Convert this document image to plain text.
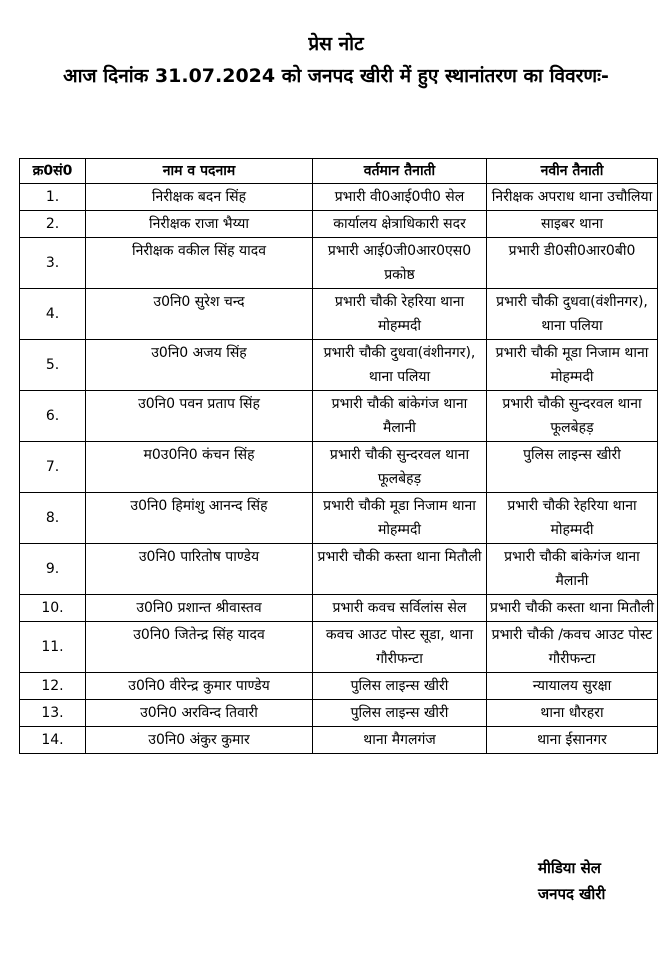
प्रेस नोट
आज दिनांक 31.07.2024 को जनपद खीरी में हुए स्थानांतरण का विवरणः-
क्र0सं0	नाम व पदनाम	वर्तमान तैनाती	नवीन तैनाती
1.	निरीक्षक बदन सिंह	प्रभारी वी0आई0पी0 सेल	निरीक्षक अपराध थाना उचौलिया
2.	निरीक्षक राजा भैय्या	कार्यालय क्षेत्राधिकारी सदर	साइबर थाना
3.	निरीक्षक वकील सिंह यादव	प्रभारी आई0जी0आर0एस0 प्रकोष्ठ	प्रभारी डी0सी0आर0बी0
4.	उ0नि0 सुरेश चन्द	प्रभारी चौकी रेहरिया थाना मोहम्मदी	प्रभारी चौकी दुधवा(वंशीनगर), थाना पलिया
5.	उ0नि0 अजय सिंह	प्रभारी चौकी दुधवा(वंशीनगर), थाना पलिया	प्रभारी चौकी मूडा निजाम थाना मोहम्मदी
6.	उ0नि0 पवन प्रताप सिंह	प्रभारी चौकी बांकेगंज थाना मैलानी	प्रभारी चौकी सुन्दरवल थाना फूलबेहड़
7.	म0उ0नि0 कंचन सिंह	प्रभारी चौकी सुन्दरवल थाना फूलबेहड़	पुलिस लाइन्स खीरी
8.	उ0नि0 हिमांशु आनन्द सिंह	प्रभारी चौकी मूडा निजाम थाना मोहम्मदी	प्रभारी चौकी रेहरिया थाना मोहम्मदी
9.	उ0नि0 पारितोष पाण्डेय	प्रभारी चौकी कस्ता थाना मितौली	प्रभारी चौकी बांकेगंज थाना मैलानी
10.	उ0नि0 प्रशान्त श्रीवास्तव	प्रभारी कवच सर्विलांस सेल	प्रभारी चौकी कस्ता थाना मितौली
11.	उ0नि0 जितेन्द्र सिंह यादव	कवच आउट पोस्ट सूडा, थाना गौरीफन्टा	प्रभारी चौकी /कवच आउट पोस्ट गौरीफन्टा
12.	उ0नि0 वीरेन्द्र कुमार पाण्डेय	पुलिस लाइन्स खीरी	न्यायालय सुरक्षा
13.	उ0नि0 अरविन्द तिवारी	पुलिस लाइन्स खीरी	थाना धौरहरा
14.	उ0नि0 अंकुर कुमार	थाना मैगलगंज	थाना ईसानगर
मीडिया सेल
जनपद खीरी
